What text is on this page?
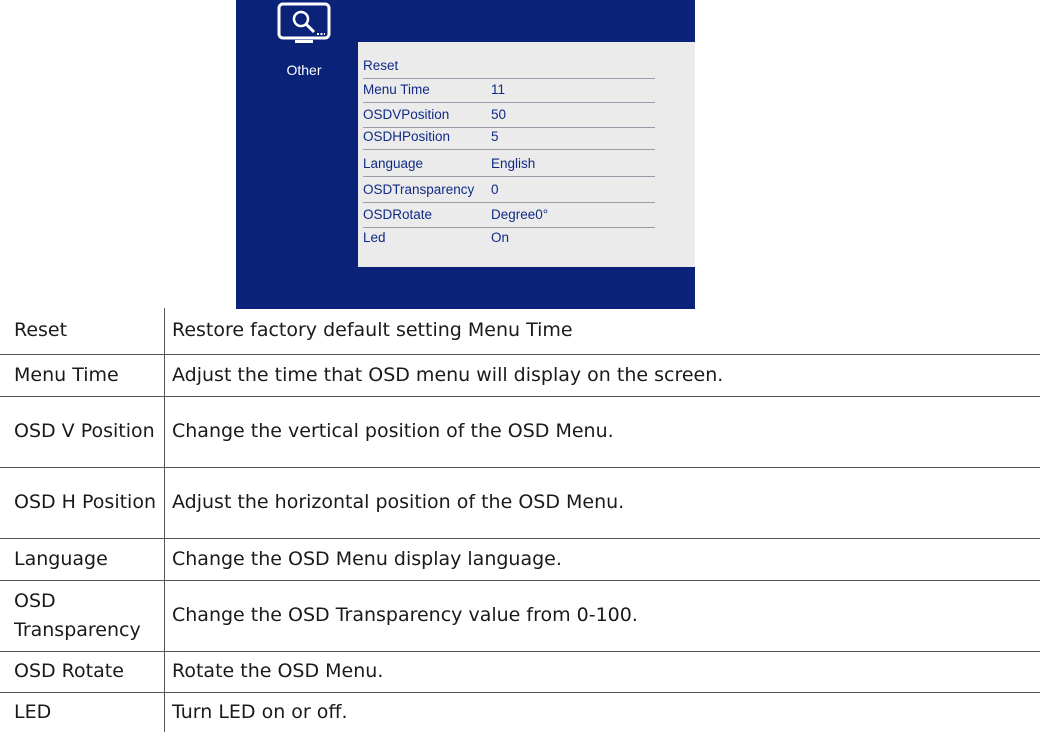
Other	Reset
Menu Time	11
OSDVPosition	50
OSDHPosition	5
Language	English
OSDTransparency 0
OSDRotate	Degree0°
Led	On
Reset	Restore factory default setting Menu Time
Menu Time	Adjust the time that OSD menu will display on the screen.
OSD V Position	Change the vertical position of the OSD Menu.
OSD H Position	Adjust the horizontal position of the OSD Menu.
Language	Change the OSD Menu display language.
OSD Transparency	Change the OSD Transparency value from 0-100.
OSD Rotate	Rotate the OSD Menu.
LED	Turn LED on or off.
